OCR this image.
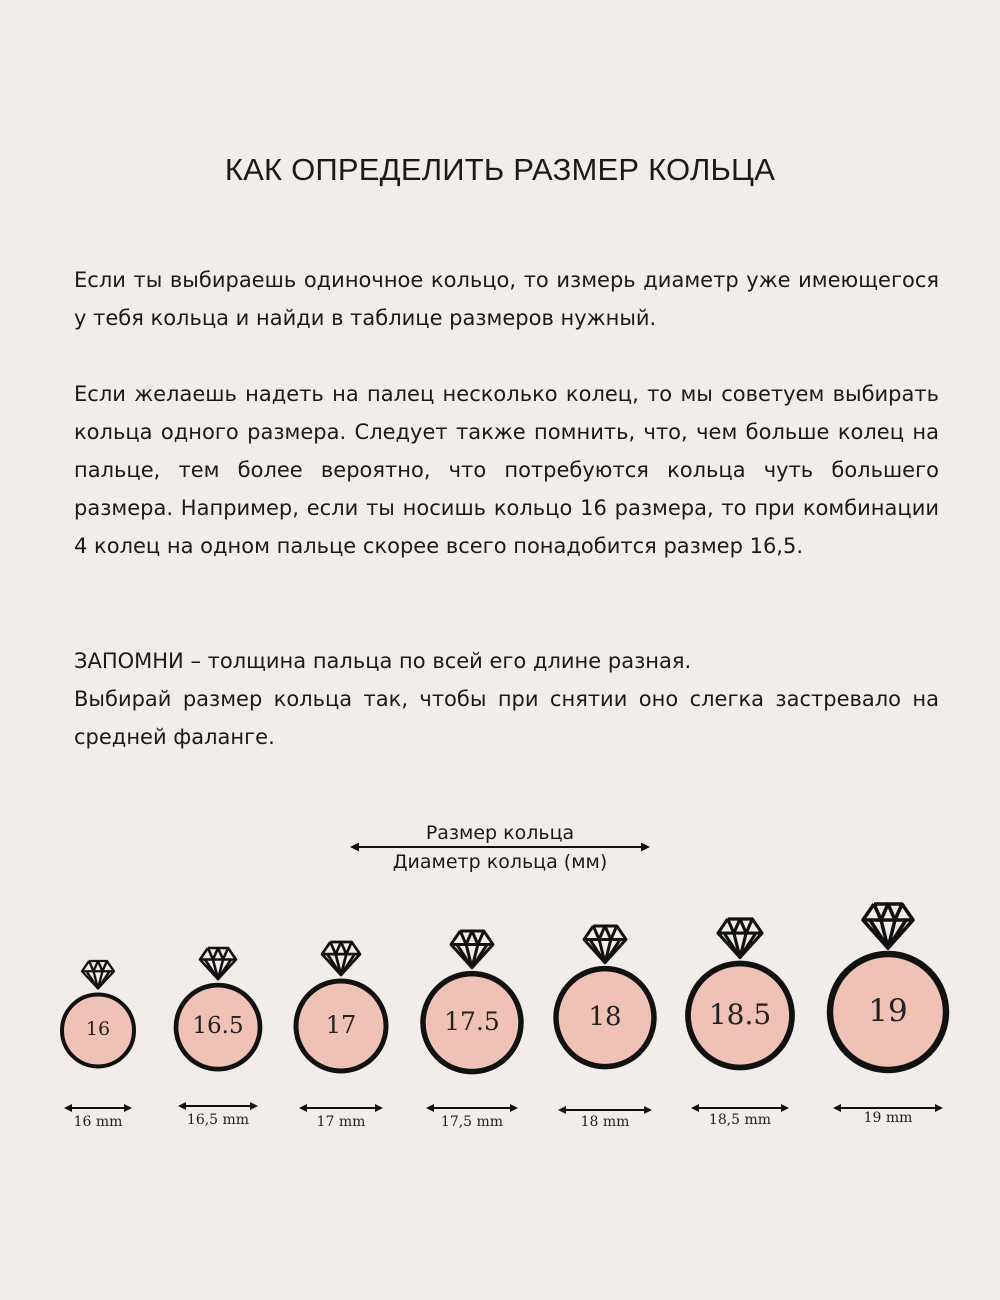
КАК ОПРЕДЕЛИТЬ РАЗМЕР КОЛЬЦА

Если ты выбираешь одиночное кольцо, то измерь диаметр уже имеющегося у тебя кольца и найди в таблице размеров нужный.

Если желаешь надеть на палец несколько колец, то мы советуем выбирать кольца одного размера. Следует также помнить, что, чем больше колец на пальце, тем более вероятно, что потребуются кольца чуть большего размера. Например, если ты носишь кольцо 16 размера, то при комбинации 4 колец на одном пальце скорее всего понадобится размер 16,5.

ЗАПОМНИ – толщина пальца по всей его длине разная.

Выбирай размер кольца так, чтобы при снятии оно слегка застревало на средней фаланге.

Размер кольца
Диаметр кольца (мм)
16
16 mm
16.5
16,5 mm
17
17 mm
17.5
17,5 mm
18
18 mm
18.5
18,5 mm
19
19 mm
